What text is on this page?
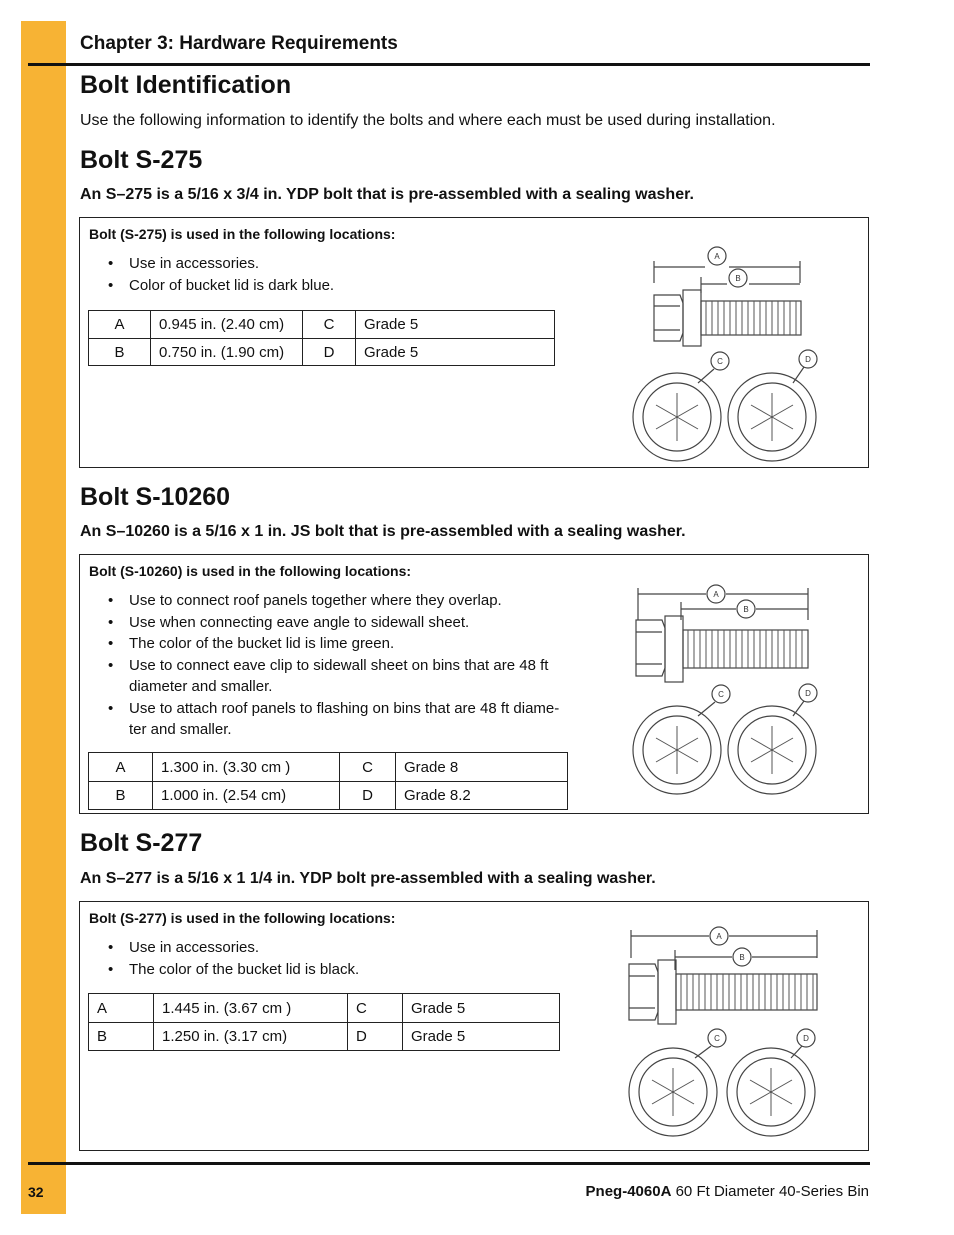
Chapter 3: Hardware Requirements
Bolt Identification
Use the following information to identify the bolts and where each must be used during installation.
Bolt S-275
An S–275 is a 5/16 x 3/4 in. YDP bolt that is pre-assembled with a sealing washer.
Bolt (S-275) is used in the following locations:
• Use in accessories.
• Color of bucket lid is dark blue.
A	0.945 in. (2.40 cm)	C	Grade 5
B	0.750 in. (1.90 cm)	D	Grade 5
A
B
C	D
Bolt S-10260
An S–10260 is a 5/16 x 1 in. JS bolt that is pre-assembled with a sealing washer.
Bolt (S-10260) is used in the following locations:
• Use to connect roof panels together where they overlap.
• Use when connecting eave angle to sidewall sheet.
• The color of the bucket lid is lime green.
• Use to connect eave clip to sidewall sheet on bins that are 48 ft diameter and smaller.
• Use to attach roof panels to flashing on bins that are 48 ft diame-ter and smaller.
A	1.300 in. (3.30 cm )	C	Grade 8
B	1.000 in. (2.54 cm)	D	Grade 8.2
A
B
C	D
Bolt S-277
An S–277 is a 5/16 x 1 1/4 in. YDP bolt pre-assembled with a sealing washer.
Bolt (S-277) is used in the following locations:
• Use in accessories.
• The color of the bucket lid is black.
A	1.445 in. (3.67 cm )	C	Grade 5
B	1.250 in. (3.17 cm)	D	Grade 5
A
B
C	D
32	Pneg-4060A 60 Ft Diameter 40-Series Bin
